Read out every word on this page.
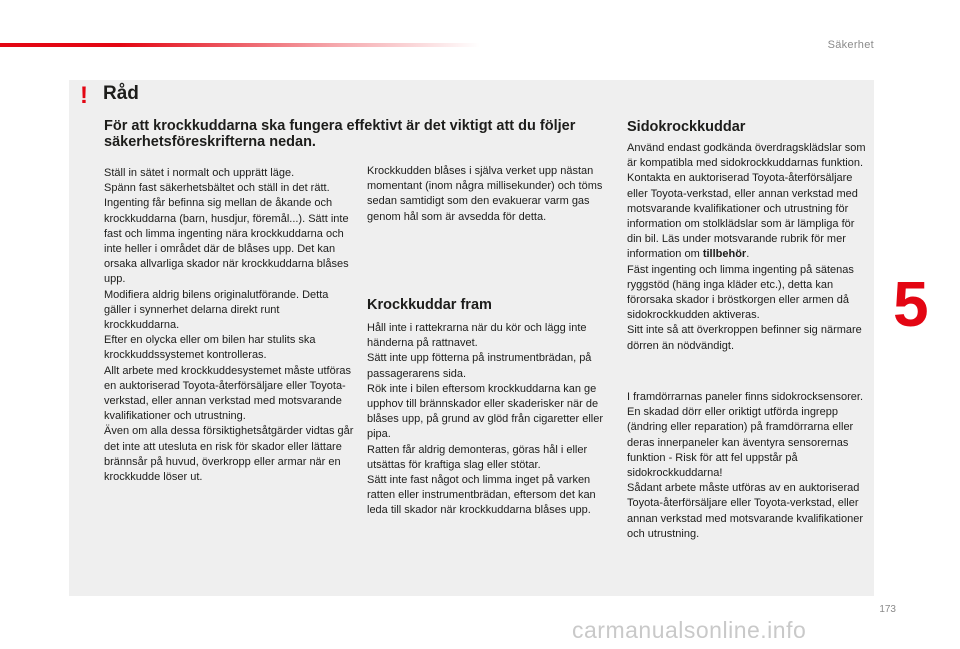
Säkerhet
5
173
carmanualsonline.info
! Råd
För att krockkuddarna ska fungera effektivt är det viktigt att du följer säkerhetsföreskrifterna nedan.

Ställ in sätet i normalt och upprätt läge.

Spänn fast säkerhetsbältet och ställ in det rätt.

Ingenting får befinna sig mellan de åkande och krockkuddarna (barn, husdjur, föremål...). Sätt inte fast och limma ingenting nära krockkuddarna och inte heller i området där de blåses upp. Det kan orsaka allvarliga skador när krockkuddarna blåses upp.

Modifiera aldrig bilens originalutförande. Detta gäller i synnerhet delarna direkt runt krockkuddarna.

Efter en olycka eller om bilen har stulits ska krockkuddssystemet kontrolleras.

Allt arbete med krockkuddesystemet måste utföras en auktoriserad Toyota-återförsäljare eller Toyota-verkstad, eller annan verkstad med motsvarande kvalifikationer och utrustning.

Även om alla dessa försiktighetsåtgärder vidtas går det inte att utesluta en risk för skador eller lättare brännsår på huvud, överkropp eller armar när en krockkudde löser ut.

Krockkudden blåses i själva verket upp nästan momentant (inom några millisekunder) och töms sedan samtidigt som den evakuerar varm gas genom hål som är avsedda för detta.

Krockkuddar fram

Håll inte i rattekrarna när du kör och lägg inte händerna på rattnavet.

Sätt inte upp fötterna på instrumentbrädan, på passagerarens sida.

Rök inte i bilen eftersom krockkuddarna kan ge upphov till brännskador eller skaderisker när de blåses upp, på grund av glöd från cigaretter eller pipa.

Ratten får aldrig demonteras, göras hål i eller utsättas för kraftiga slag eller stötar.

Sätt inte fast något och limma inget på varken ratten eller instrumentbrädan, eftersom det kan leda till skador när krockkuddarna blåses upp.

Sidokrockkuddar

Använd endast godkända överdragsklädslar som är kompatibla med sidokrockkuddarnas funktion. Kontakta en auktoriserad Toyota-återförsäljare eller Toyota-verkstad, eller annan verkstad med motsvarande kvalifikationer och utrustning för information om stolklädslar som är lämpliga för din bil. Läs under motsvarande rubrik för mer information om tillbehör.

Fäst ingenting och limma ingenting på sätenas ryggstöd (häng inga kläder etc.), detta kan förorsaka skador i bröstkorgen eller armen då sidokrockkudden aktiveras.

Sitt inte så att överkroppen befinner sig närmare dörren än nödvändigt.

I framdörrarnas paneler finns sidokrocksensorer.

En skadad dörr eller oriktigt utförda ingrepp (ändring eller reparation) på framdörrarna eller deras innerpaneler kan äventyra sensorernas funktion - Risk för att fel uppstår på sidokrockkuddarna!

Sådant arbete måste utföras av en auktoriserad Toyota-återförsäljare eller Toyota-verkstad, eller annan verkstad med motsvarande kvalifikationer och utrustning.
